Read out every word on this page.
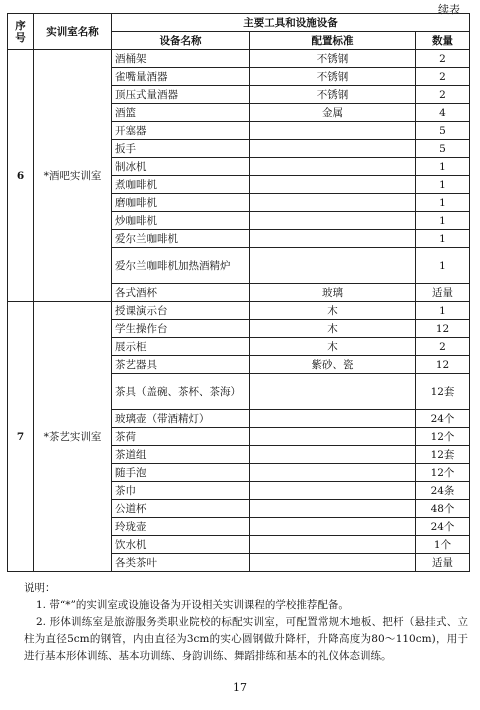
续表
序号	实训室名称	主要工具和设施设备		
		设备名称	配置标准	数量
6	*酒吧实训室	酒桶架	不锈钢	2
		雀嘴量酒器	不锈钢	2
		顶压式量酒器	不锈钢	2
		酒篮	金属	4
		开塞器		5
		扳手		5
		制冰机		1
		煮咖啡机		1
		磨咖啡机		1
		炒咖啡机		1
		爱尔兰咖啡机		1
		爱尔兰咖啡机加热酒精炉		1
		各式酒杯	玻璃	适量
7	*茶艺实训室	授课演示台	木	1
		学生操作台	木	12
		展示柜	木	2
		茶艺器具	紫砂、瓷	12
		茶具（盖碗、茶杯、茶海）		12套
		玻璃壶（带酒精灯）		24个
		茶荷		12个
		茶道组		12套
		随手泡		12个
		茶巾		24条
		公道杯		48个
		玲珑壶		24个
		饮水机		1个
		各类茶叶		适量

说明：

1. 带“*”的实训室或设施设备为开设相关实训课程的学校推荐配备。

2. 形体训练室是旅游服务类职业院校的标配实训室，可配置常规木地板、把杆（悬挂式、立柱为直径5cm的钢管，内由直径为3cm的实心圆钢做升降杆，升降高度为80～110cm)，用于进行基本形体训练、基本功训练、身韵训练、舞蹈排练和基本的礼仪体态训练。

17
